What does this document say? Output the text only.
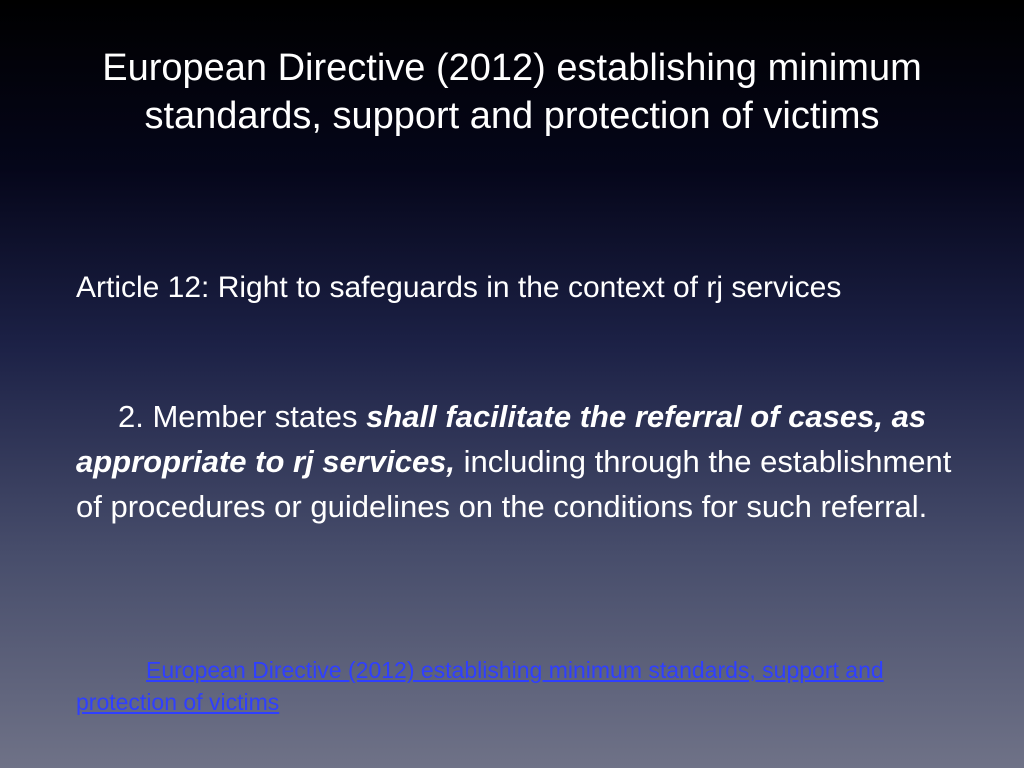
European Directive (2012) establishing minimum standards, support and protection of victims

Article 12: Right to safeguards in the context of rj services

2. Member states shall facilitate the referral of cases, as appropriate to rj services, including through the establishment of procedures or guidelines on the conditions for such referral.

European Directive (2012) establishing minimum standards, support and protection of victims
